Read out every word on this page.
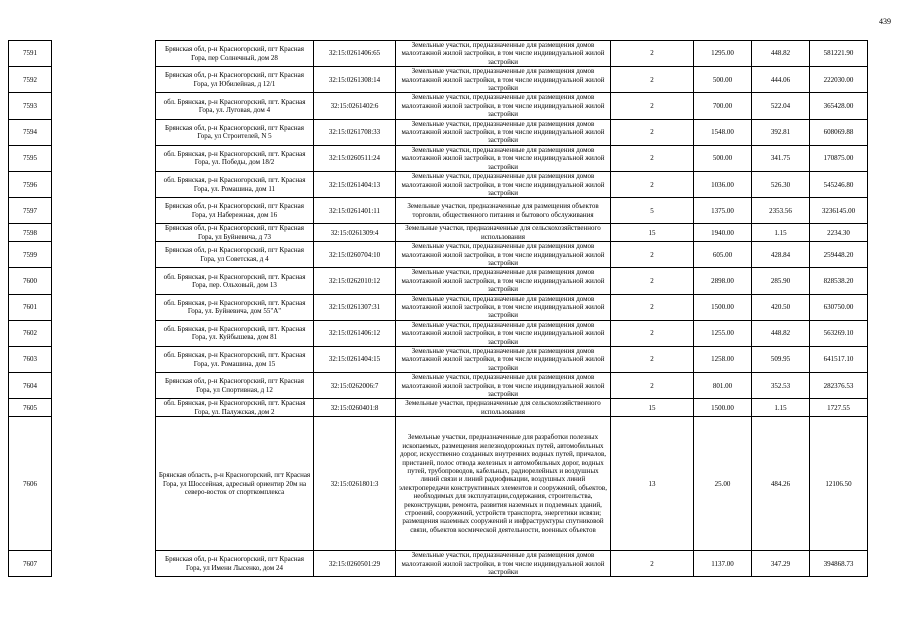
439
7591		Брянская обл, р-н Красногорский, пгт Красная Гора, пер Солнечный, дом 28	32:15:0261406:65	Земельные участки, предназначенные для размещения домов малоэтажной жилой застройки, в том числе индивидуальной жилой застройки	2	1295.00	448.82	581221.90
7592		Брянская обл, р-н Красногорский, пгт Красная Гора, ул Юбилейная, д 12/1	32:15:0261308:14	Земельные участки, предназначенные для размещения домов малоэтажной жилой застройки, в том числе индивидуальной жилой застройки	2	500.00	444.06	222030.00
7593		обл. Брянская, р-н Красногорский, пгт. Красная Гора, ул. Луговая, дом 4	32:15:0261402:6	Земельные участки, предназначенные для размещения домов малоэтажной жилой застройки, в том числе индивидуальной жилой застройки	2	700.00	522.04	365428.00
7594		Брянская обл, р-н Красногорский, пгт Красная Гора, ул Строителей, N 5	32:15:0261708:33	Земельные участки, предназначенные для размещения домов малоэтажной жилой застройки, в том числе индивидуальной жилой застройки	2	1548.00	392.81	608069.88
7595		обл. Брянская, р-н Красногорский, пгт. Красная Гора, ул. Победы, дом 18/2	32:15:0260511:24	Земельные участки, предназначенные для размещения домов малоэтажной жилой застройки, в том числе индивидуальной жилой застройки	2	500.00	341.75	170875.00
7596		обл. Брянская, р-н Красногорский, пгт. Красная Гора, ул. Ромашина, дом 11	32:15:0261404:13	Земельные участки, предназначенные для размещения домов малоэтажной жилой застройки, в том числе индивидуальной жилой застройки	2	1036.00	526.30	545246.80
7597		Брянская обл, р-н Красногорский, пгт Красная Гора, ул Набережная, дом 16	32:15:0261401:11	Земельные участки, предназначенные для размещения объектов торговли, общественного питания и бытового обслуживания	5	1375.00	2353.56	3236145.00
7598		Брянская обл, р-н Красногорский, пгт Красная Гора, ул Буйневича, д 73	32:15:0261309:4	Земельные участки, предназначенные для сельскохозяйственного использования	15	1940.00	1.15	2234.30
7599		Брянская обл, р-н Красногорский, пгт Красная Гора, ул Советская, д 4	32:15:0260704:10	Земельные участки, предназначенные для размещения домов малоэтажной жилой застройки, в том числе индивидуальной жилой застройки	2	605.00	428.84	259448.20
7600		обл. Брянская, р-н Красногорский, пгт. Красная Гора, пер. Ольховый, дом 13	32:15:0262010:12	Земельные участки, предназначенные для размещения домов малоэтажной жилой застройки, в том числе индивидуальной жилой застройки	2	2898.00	285.90	828538.20
7601		обл. Брянская, р-н Красногорский, пгт. Красная Гора, ул. Буйневича, дом 55"А"	32:15:0261307:31	Земельные участки, предназначенные для размещения домов малоэтажной жилой застройки, в том числе индивидуальной жилой застройки	2	1500.00	420.50	630750.00
7602		обл. Брянская, р-н Красногорский, пгт. Красная Гора, ул. Куйбышева, дом 81	32:15:0261406:12	Земельные участки, предназначенные для размещения домов малоэтажной жилой застройки, в том числе индивидуальной жилой застройки	2	1255.00	448.82	563269.10
7603		обл. Брянская, р-н Красногорский, пгт. Красная Гора, ул. Ромашина, дом 15	32:15:0261404:15	Земельные участки, предназначенные для размещения домов малоэтажной жилой застройки, в том числе индивидуальной жилой застройки	2	1258.00	509.95	641517.10
7604		Брянская обл, р-н Красногорский, пгт Красная Гора, ул Спортивная, д 12	32:15:0262006:7	Земельные участки, предназначенные для размещения домов малоэтажной жилой застройки, в том числе индивидуальной жилой застройки	2	801.00	352.53	282376.53
7605		обл. Брянская, р-н Красногорский, пгт. Красная Гора, ул. Палужская, дом 2	32:15:0260401:8	Земельные участки, предназначенные для сельскохозяйственного использования	15	1500.00	1.15	1727.55
7606		Брянская область, р-н Красногорский, пгт Красная Гора, ул Шоссейная, адресный ориентир 20м на северо-восток от спорткомплекса	32:15:0261801:3	Земельные участки, предназначенные для разработки полезных ископаемых, размещения железнодорожных путей, автомобильных дорог, искусственно созданных внутренних водных путей, причалов, пристаней, полос отвода железных и автомобильных дорог, водных путей, трубопроводов, кабельных, радиорелейных и воздушных линий связи и линий радиофикации, воздушных линий электропередачи конструктивных элементов и сооружений, объектов, необходимых для эксплуатации,содержания, строительства, реконструкции, ремонта, развития наземных и подземных зданий, строений, сооружений, устройств транспорта, энергетики исвязи; размещения наземных сооружений и инфраструктуры спутниковой связи, объектов космической деятельности, военных объектов	13	25.00	484.26	12106.50
7607		Брянская обл, р-н Красногорский, пгт Красная Гора, ул Имени Лысенко, дом 24	32:15:0260501:29	Земельные участки, предназначенные для размещения домов малоэтажной жилой застройки, в том числе индивидуальной жилой застройки	2	1137.00	347.29	394868.73
